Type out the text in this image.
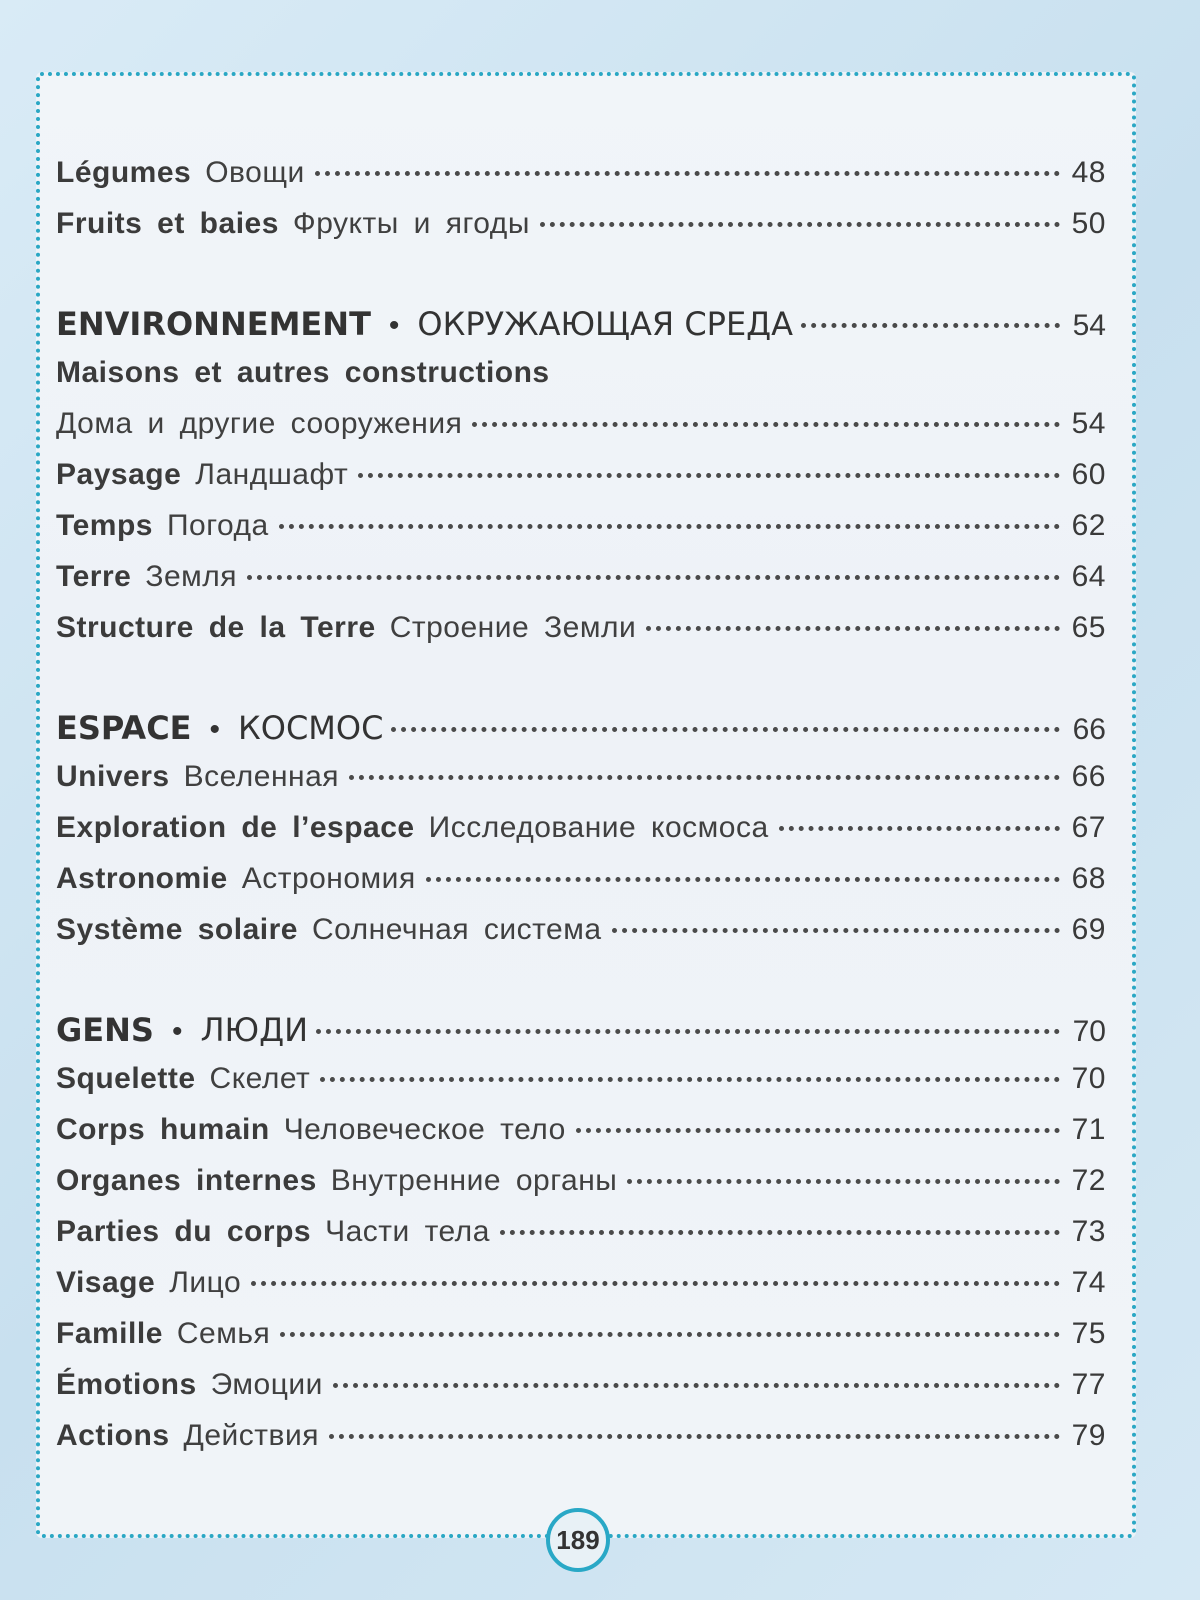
Légumes Овощи	48
Fruits et baies Фрукты и ягоды	50
ENVIRONNEMENT • ОКРУЖАЮЩАЯ СРЕДА	54
Maisons et autres constructions
Дома и другие сооружения	54
Paysage Ландшафт	60
Temps Погода	62
Terre Земля	64
Structure de la Terre Строение Земли	65
ESPACE • КОСМОС	66
Univers Вселенная	66
Exploration de l’espace Исследование космоса	67
Astronomie Астрономия	68
Système solaire Солнечная система	69
GENS • ЛЮДИ	70
Squelette Скелет	70
Corps humain Человеческое тело	71
Organes internes Внутренние органы	72
Parties du corps Части тела	73
Visage Лицо	74
Famille Семья	75
Émotions Эмоции	77
Actions Действия	79
189
